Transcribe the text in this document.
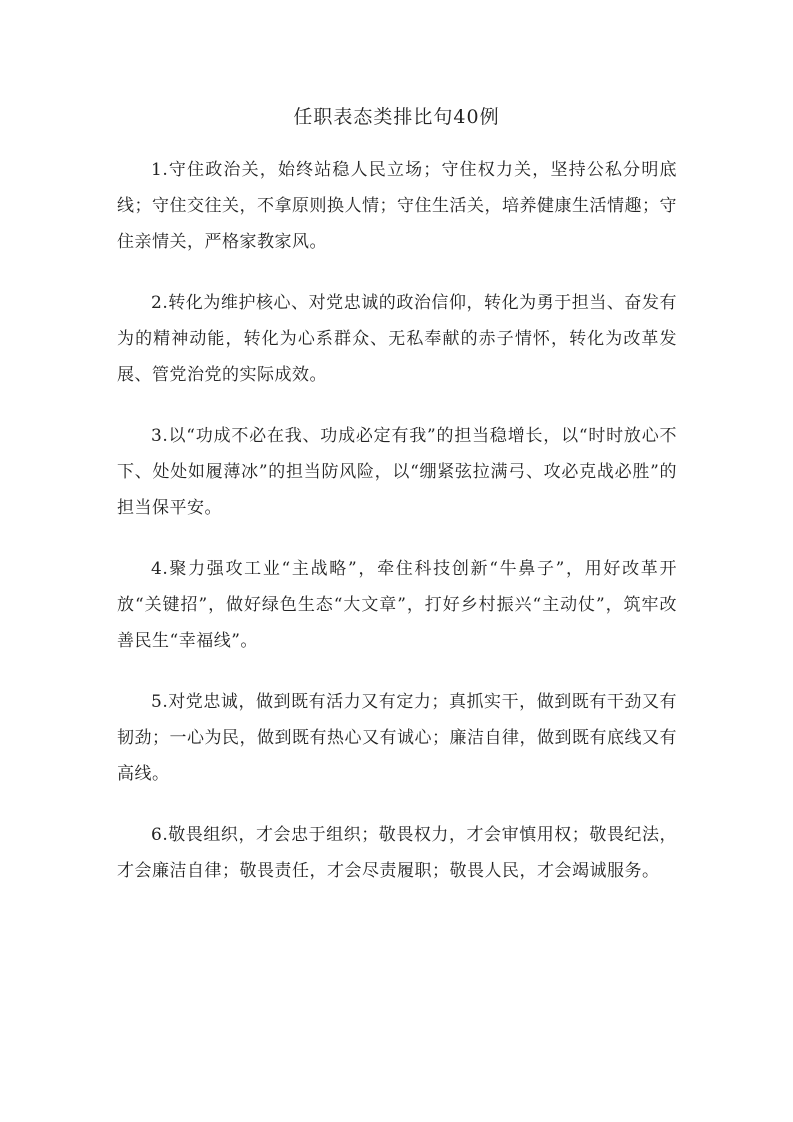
任职表态类排比句40例

1.守住政治关，始终站稳人民立场；守住权力关，坚持公私分明底线；守住交往关，不拿原则换人情；守住生活关，培养健康生活情趣；守住亲情关，严格家教家风。

2.转化为维护核心、对党忠诚的政治信仰，转化为勇于担当、奋发有为的精神动能，转化为心系群众、无私奉献的赤子情怀，转化为改革发展、管党治党的实际成效。

3.以“功成不必在我、功成必定有我”的担当稳增长，以“时时放心不下、处处如履薄冰”的担当防风险，以“绷紧弦拉满弓、攻必克战必胜”的担当保平安。

4.聚力强攻工业“主战略”，牵住科技创新“牛鼻子”，用好改革开放“关键招”，做好绿色生态“大文章”，打好乡村振兴“主动仗”，筑牢改善民生“幸福线”。

5.对党忠诚，做到既有活力又有定力；真抓实干，做到既有干劲又有韧劲；一心为民，做到既有热心又有诚心；廉洁自律，做到既有底线又有高线。

6.敬畏组织，才会忠于组织；敬畏权力，才会审慎用权；敬畏纪法，才会廉洁自律；敬畏责任，才会尽责履职；敬畏人民，才会竭诚服务。
